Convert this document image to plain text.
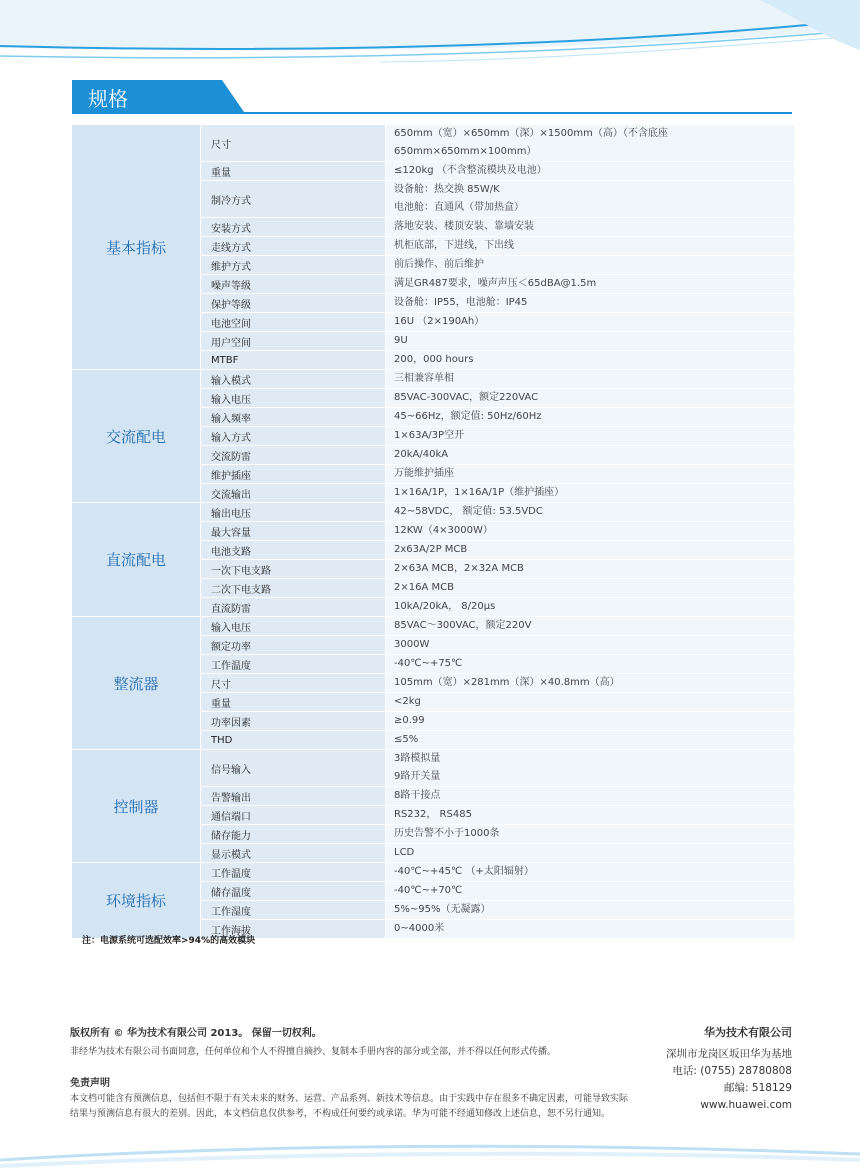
规格
基本指标	尺寸	650mm（宽）×650mm（深）×1500mm（高）（不含底座650mm×650mm×100mm）

	重量	≤120kg （不含整流模块及电池）

	制冷方式	设备舱：热交换 85W/K
电池舱：直通风（带加热盒）

	安装方式	落地安装、楼顶安装、靠墙安装

	走线方式	机柜底部，下进线，下出线

	维护方式	前后操作、前后维护

	噪声等级	满足GR487要求，噪声声压＜65dBA@1.5m

	保护等级	设备舱：IP55，电池舱：IP45

	电池空间	16U （2×190Ah）

	用户空间	9U

	MTBF	200，000 hours

交流配电	输入模式	三相兼容单相

	输入电压	85VAC-300VAC，额定220VAC

	输入频率	45~66Hz，额定值: 50Hz/60Hz

	输入方式	1×63A/3P空开

	交流防雷	20kA/40kA

	维护插座	万能维护插座

	交流输出	1×16A/1P，1×16A/1P（维护插座）

直流配电	输出电压	42~58VDC， 额定值: 53.5VDC

	最大容量	12KW（4×3000W）

	电池支路	2x63A/2P MCB

	一次下电支路	2×63A MCB，2×32A MCB

	二次下电支路	2×16A MCB

	直流防雷	10kA/20kA， 8/20μs

整流器	输入电压	85VAC～300VAC，额定220V

	额定功率	3000W

	工作温度	-40℃~+75℃

	尺寸	105mm（宽）×281mm（深）×40.8mm（高）

	重量	<2kg

	功率因素	≥0.99

	THD	≤5%

控制器	信号输入	3路模拟量
9路开关量

	告警输出	8路干接点

	通信端口	RS232， RS485

	储存能力	历史告警不小于1000条

	显示模式	LCD

环境指标	工作温度	-40℃~+45℃ （+太阳辐射）

	储存温度	-40℃~+70℃

	工作湿度	5%~95%（无凝露）

	工作海拔	0~4000米
注：电源系统可选配效率>94%的高效模块
版权所有 © 华为技术有限公司 2013。 保留一切权利。
非经华为技术有限公司书面同意，任何单位和个人不得擅自摘抄、复制本手册内容的部分或全部，并不得以任何形式传播。
免责声明
本文档可能含有预测信息，包括但不限于有关未来的财务、运营、产品系列、新技术等信息。由于实践中存在很多不确定因素，可能导致实际结果与预测信息有很大的差别。因此，本文档信息仅供参考，不构成任何要约或承诺。华为可能不经通知修改上述信息，恕不另行通知。
华为技术有限公司
深圳市龙岗区坂田华为基地
电话: (0755) 28780808
邮编: 518129
www.huawei.com
